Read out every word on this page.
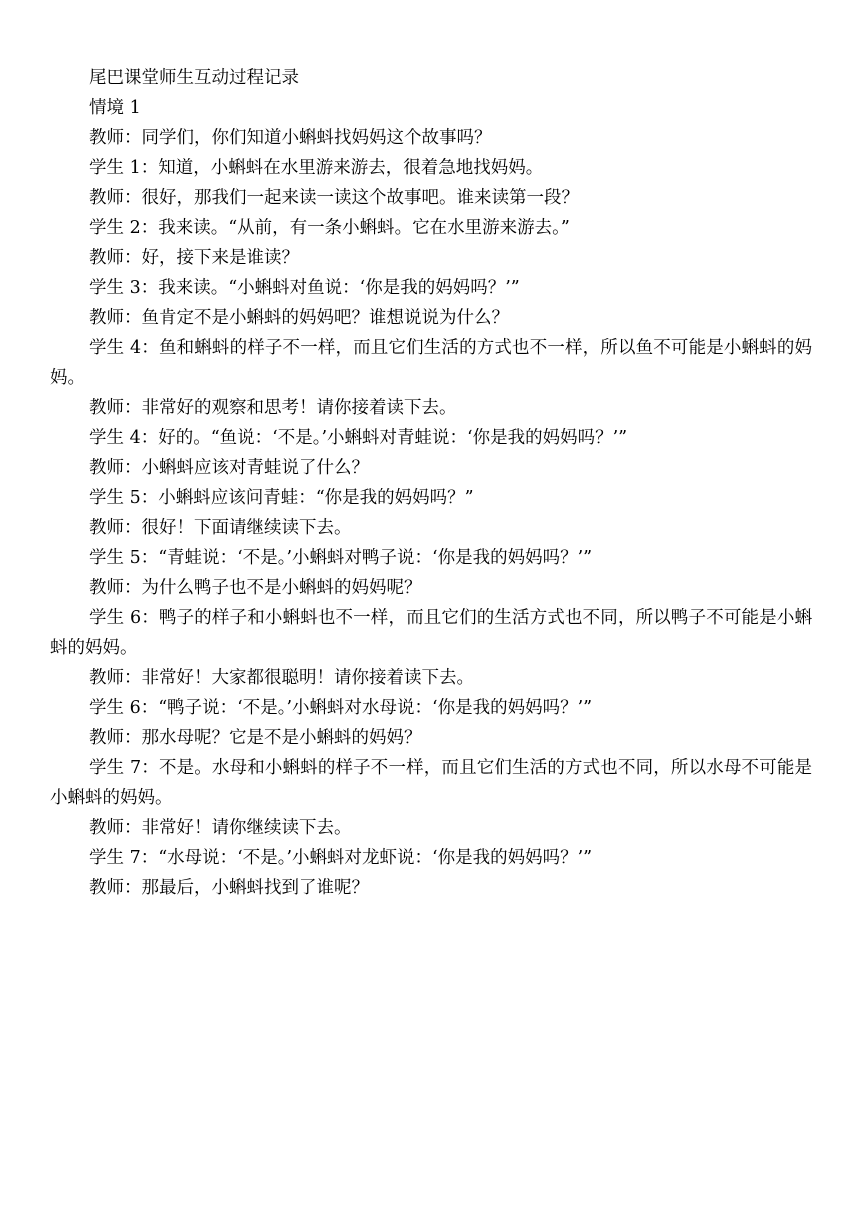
尾巴课堂师生互动过程记录

情境 1

教师：同学们，你们知道小蝌蚪找妈妈这个故事吗？

学生 1：知道，小蝌蚪在水里游来游去，很着急地找妈妈。

教师：很好，那我们一起来读一读这个故事吧。谁来读第一段？

学生 2：我来读。“从前，有一条小蝌蚪。它在水里游来游去。”

教师：好，接下来是谁读？

学生 3：我来读。“小蝌蚪对鱼说：‘你是我的妈妈吗？’”

教师：鱼肯定不是小蝌蚪的妈妈吧？谁想说说为什么？

学生 4：鱼和蝌蚪的样子不一样，而且它们生活的方式也不一样，所以鱼不可能是小蝌蚪的妈妈。

教师：非常好的观察和思考！请你接着读下去。

学生 4：好的。“鱼说：‘不是。’小蝌蚪对青蛙说：‘你是我的妈妈吗？’”

教师：小蝌蚪应该对青蛙说了什么？

学生 5：小蝌蚪应该问青蛙：“你是我的妈妈吗？”

教师：很好！下面请继续读下去。

学生 5：“青蛙说：‘不是。’小蝌蚪对鸭子说：‘你是我的妈妈吗？’”

教师：为什么鸭子也不是小蝌蚪的妈妈呢？

学生 6：鸭子的样子和小蝌蚪也不一样，而且它们的生活方式也不同，所以鸭子不可能是小蝌蚪的妈妈。

教师：非常好！大家都很聪明！请你接着读下去。

学生 6：“鸭子说：‘不是。’小蝌蚪对水母说：‘你是我的妈妈吗？’”

教师：那水母呢？它是不是小蝌蚪的妈妈？

学生 7：不是。水母和小蝌蚪的样子不一样，而且它们生活的方式也不同，所以水母不可能是小蝌蚪的妈妈。

教师：非常好！请你继续读下去。

学生 7：“水母说：‘不是。’小蝌蚪对龙虾说：‘你是我的妈妈吗？’”

教师：那最后，小蝌蚪找到了谁呢？
